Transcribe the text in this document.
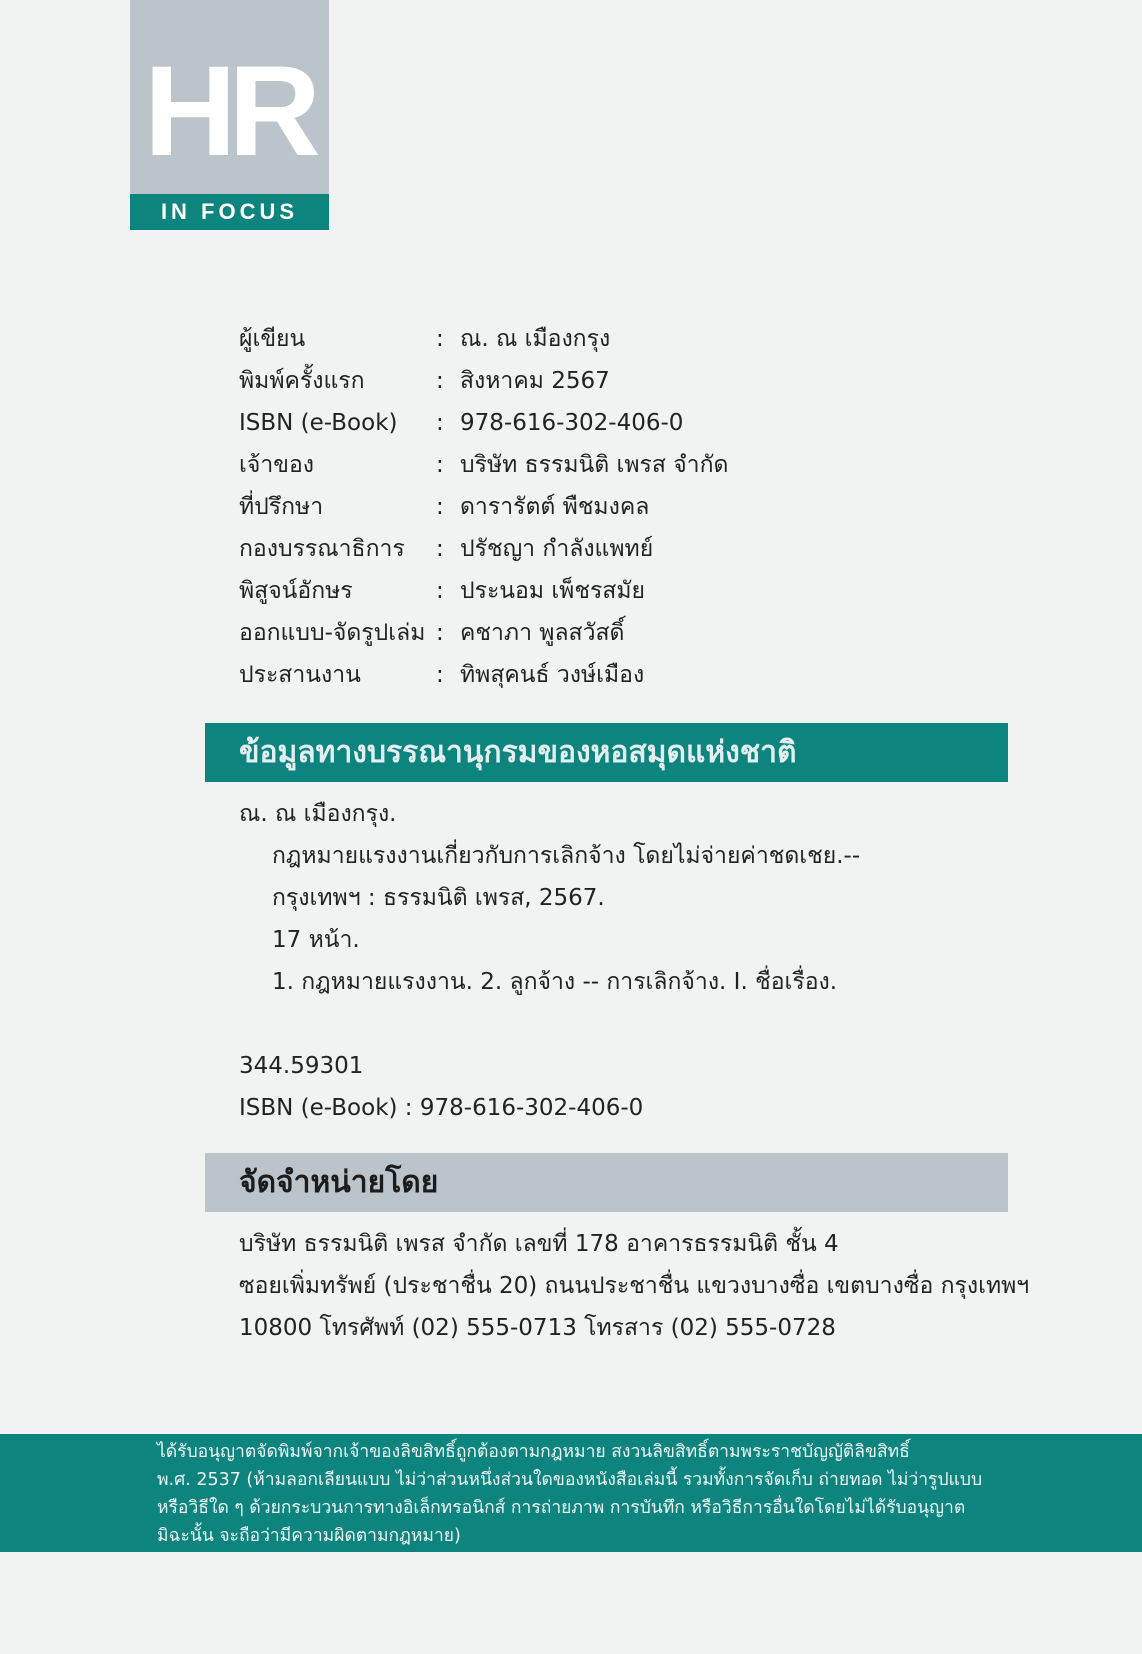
HR
IN FOCUS
ผู้เขียน	: ณ. ณ เมืองกรุง
พิมพ์ครั้งแรก	: สิงหาคม 2567
ISBN (e-Book) : 978-616-302-406-0
เจ้าของ	: บริษัท ธรรมนิติ เพรส จำกัด
ที่ปรึกษา	: ดารารัตต์ พืชมงคล
กองบรรณาธิการ : ปรัชญา กำลังแพทย์
พิสูจน์อักษร	: ประนอม เพ็ชรสมัย
ออกแบบ-จัดรูปเล่ม : คชาภา พูลสวัสดิ์
ประสานงาน	: ทิพสุคนธ์ วงษ์เมือง
ข้อมูลทางบรรณานุกรมของหอสมุดแห่งชาติ
ณ. ณ เมืองกรุง.
กฎหมายแรงงานเกี่ยวกับการเลิกจ้าง โดยไม่จ่ายค่าชดเชย.--
กรุงเทพฯ : ธรรมนิติ เพรส, 2567.
17 หน้า.
1. กฎหมายแรงงาน. 2. ลูกจ้าง -- การเลิกจ้าง. I. ชื่อเรื่อง.
344.59301
ISBN (e-Book) : 978-616-302-406-0
จัดจำหน่ายโดย
บริษัท ธรรมนิติ เพรส จำกัด เลขที่ 178 อาคารธรรมนิติ ชั้น 4
ซอยเพิ่มทรัพย์ (ประชาชื่น 20) ถนนประชาชื่น แขวงบางซื่อ เขตบางซื่อ กรุงเทพฯ
10800 โทรศัพท์ (02) 555-0713 โทรสาร (02) 555-0728
ได้รับอนุญาตจัดพิมพ์จากเจ้าของลิขสิทธิ์ถูกต้องตามกฎหมาย สงวนลิขสิทธิ์ตามพระราชบัญญัติลิขสิทธิ์
พ.ศ. 2537 (ห้ามลอกเลียนแบบ ไม่ว่าส่วนหนึ่งส่วนใดของหนังสือเล่มนี้ รวมทั้งการจัดเก็บ ถ่ายทอด ไม่ว่ารูปแบบ
หรือวิธีใด ๆ ด้วยกระบวนการทางอิเล็กทรอนิกส์ การถ่ายภาพ การบันทึก หรือวิธีการอื่นใดโดยไม่ได้รับอนุญาต
มิฉะนั้น จะถือว่ามีความผิดตามกฎหมาย)
